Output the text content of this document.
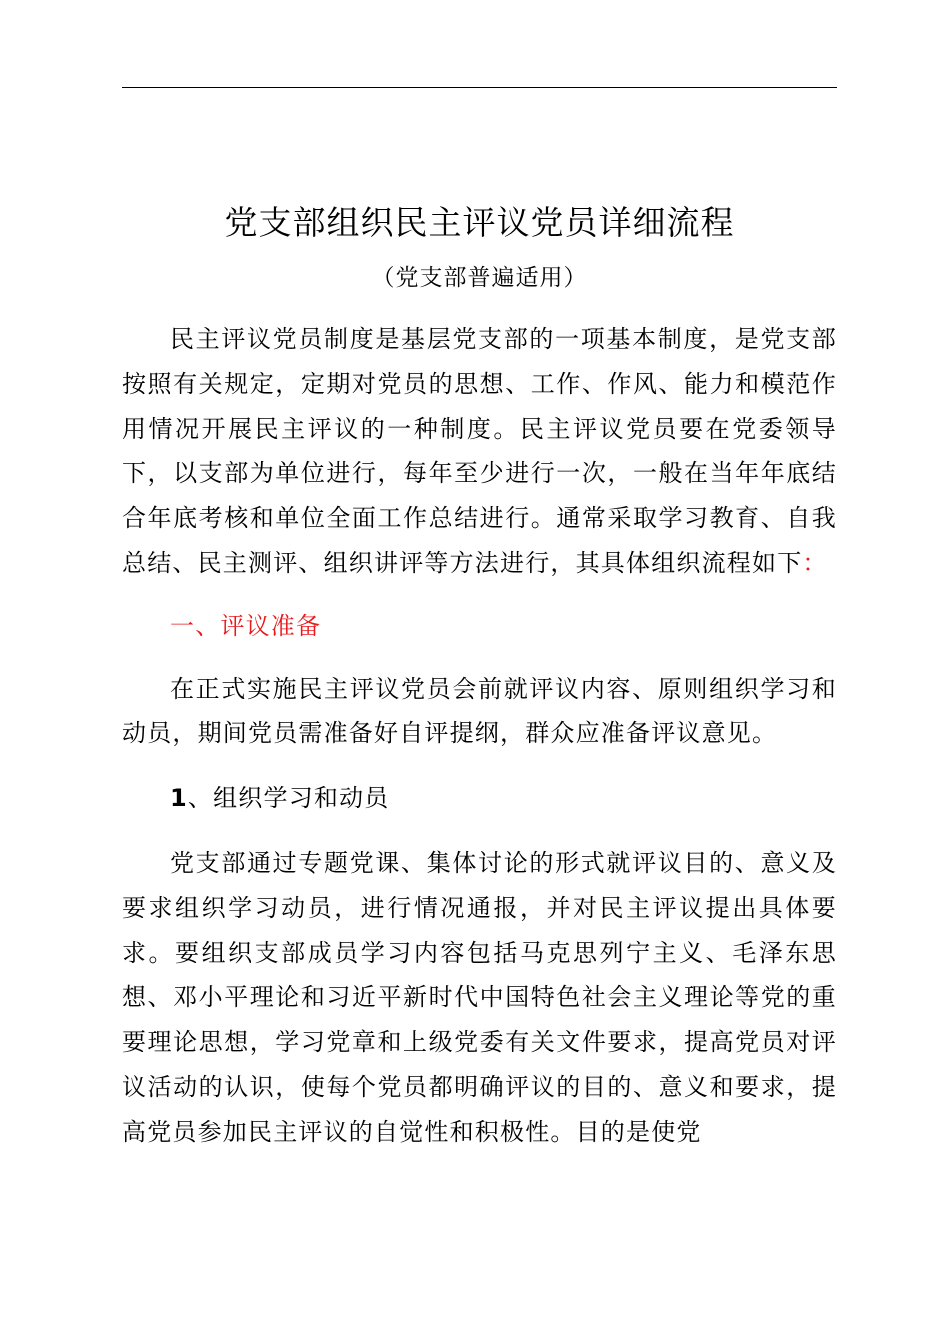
党支部组织民主评议党员详细流程

（党支部普遍适用）

民主评议党员制度是基层党支部的一项基本制度，是党支部按照有关规定，定期对党员的思想、工作、作风、能力和模范作用情况开展民主评议的一种制度。民主评议党员要在党委领导下，以支部为单位进行，每年至少进行一次，一般在当年年底结合年底考核和单位全面工作总结进行。通常采取学习教育、自我总结、民主测评、组织讲评等方法进行，其具体组织流程如下：

一、评议准备

在正式实施民主评议党员会前就评议内容、原则组织学习和动员，期间党员需准备好自评提纲，群众应准备评议意见。

1、组织学习和动员

党支部通过专题党课、集体讨论的形式就评议目的、意义及要求组织学习动员，进行情况通报，并对民主评议提出具体要求。要组织支部成员学习内容包括马克思列宁主义、毛泽东思想、邓小平理论和习近平新时代中国特色社会主义理论等党的重要理论思想，学习党章和上级党委有关文件要求，提高党员对评议活动的认识，使每个党员都明确评议的目的、意义和要求，提高党员参加民主评议的自觉性和积极性。目的是使党
